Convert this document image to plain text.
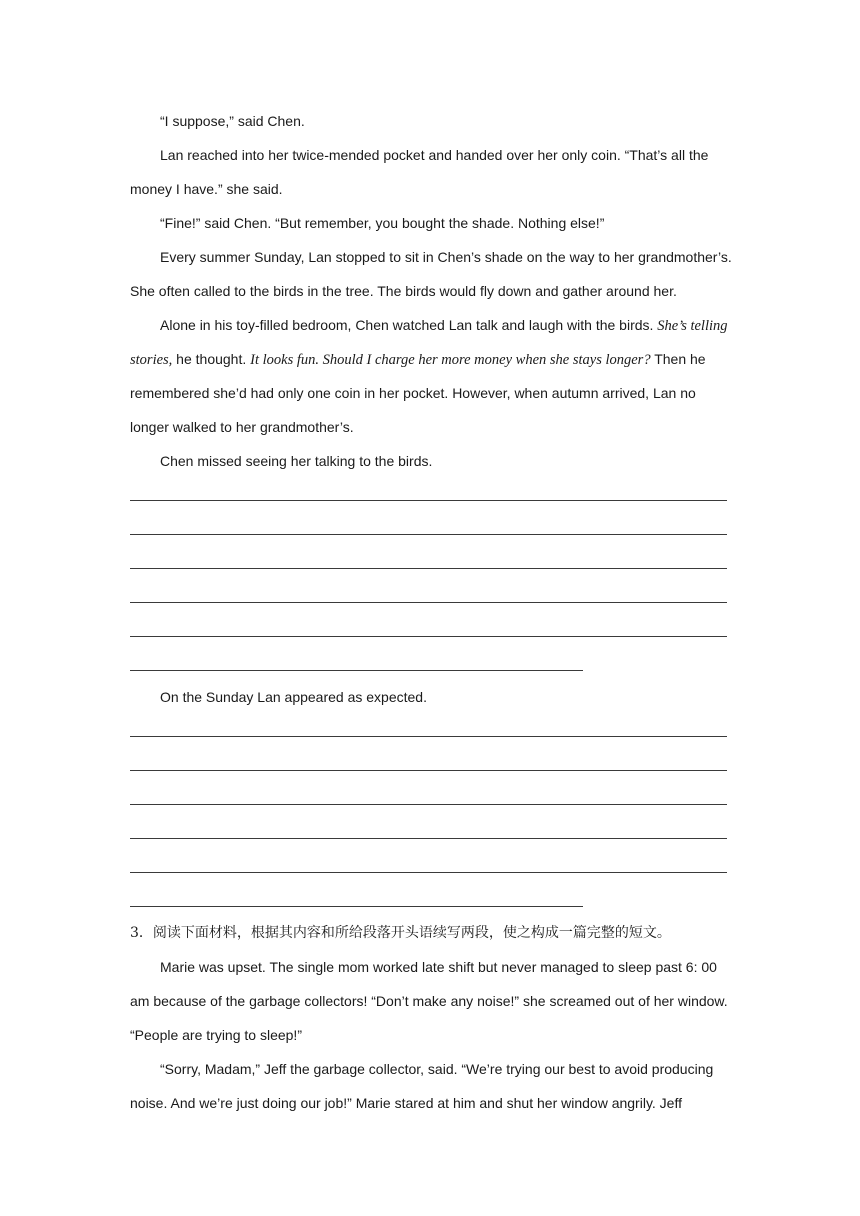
“I suppose,” said Chen.
Lan reached into her twice-mended pocket and handed over her only coin. “That’s all the
money I have.” she said.
“Fine!” said Chen. “But remember, you bought the shade. Nothing else!”
Every summer Sunday, Lan stopped to sit in Chen’s shade on the way to her grandmother’s.
She often called to the birds in the tree. The birds would fly down and gather around her.
Alone in his toy-filled bedroom, Chen watched Lan talk and laugh with the birds. She’s telling
stories, he thought. It looks fun. Should I charge her more money when she stays longer? Then he
remembered she’d had only one coin in her pocket. However, when autumn arrived, Lan no
longer walked to her grandmother’s.
Chen missed seeing her talking to the birds.
On the Sunday Lan appeared as expected.
3．阅读下面材料，根据其内容和所给段落开头语续写两段，使之构成一篇完整的短文。
Marie was upset. The single mom worked late shift but never managed to sleep past 6: 00
am because of the garbage collectors! “Don’t make any noise!” she screamed out of her window.
“People are trying to sleep!”
“Sorry, Madam,” Jeff the garbage collector, said. “We’re trying our best to avoid producing
noise. And we’re just doing our job!” Marie stared at him and shut her window angrily. Jeff
